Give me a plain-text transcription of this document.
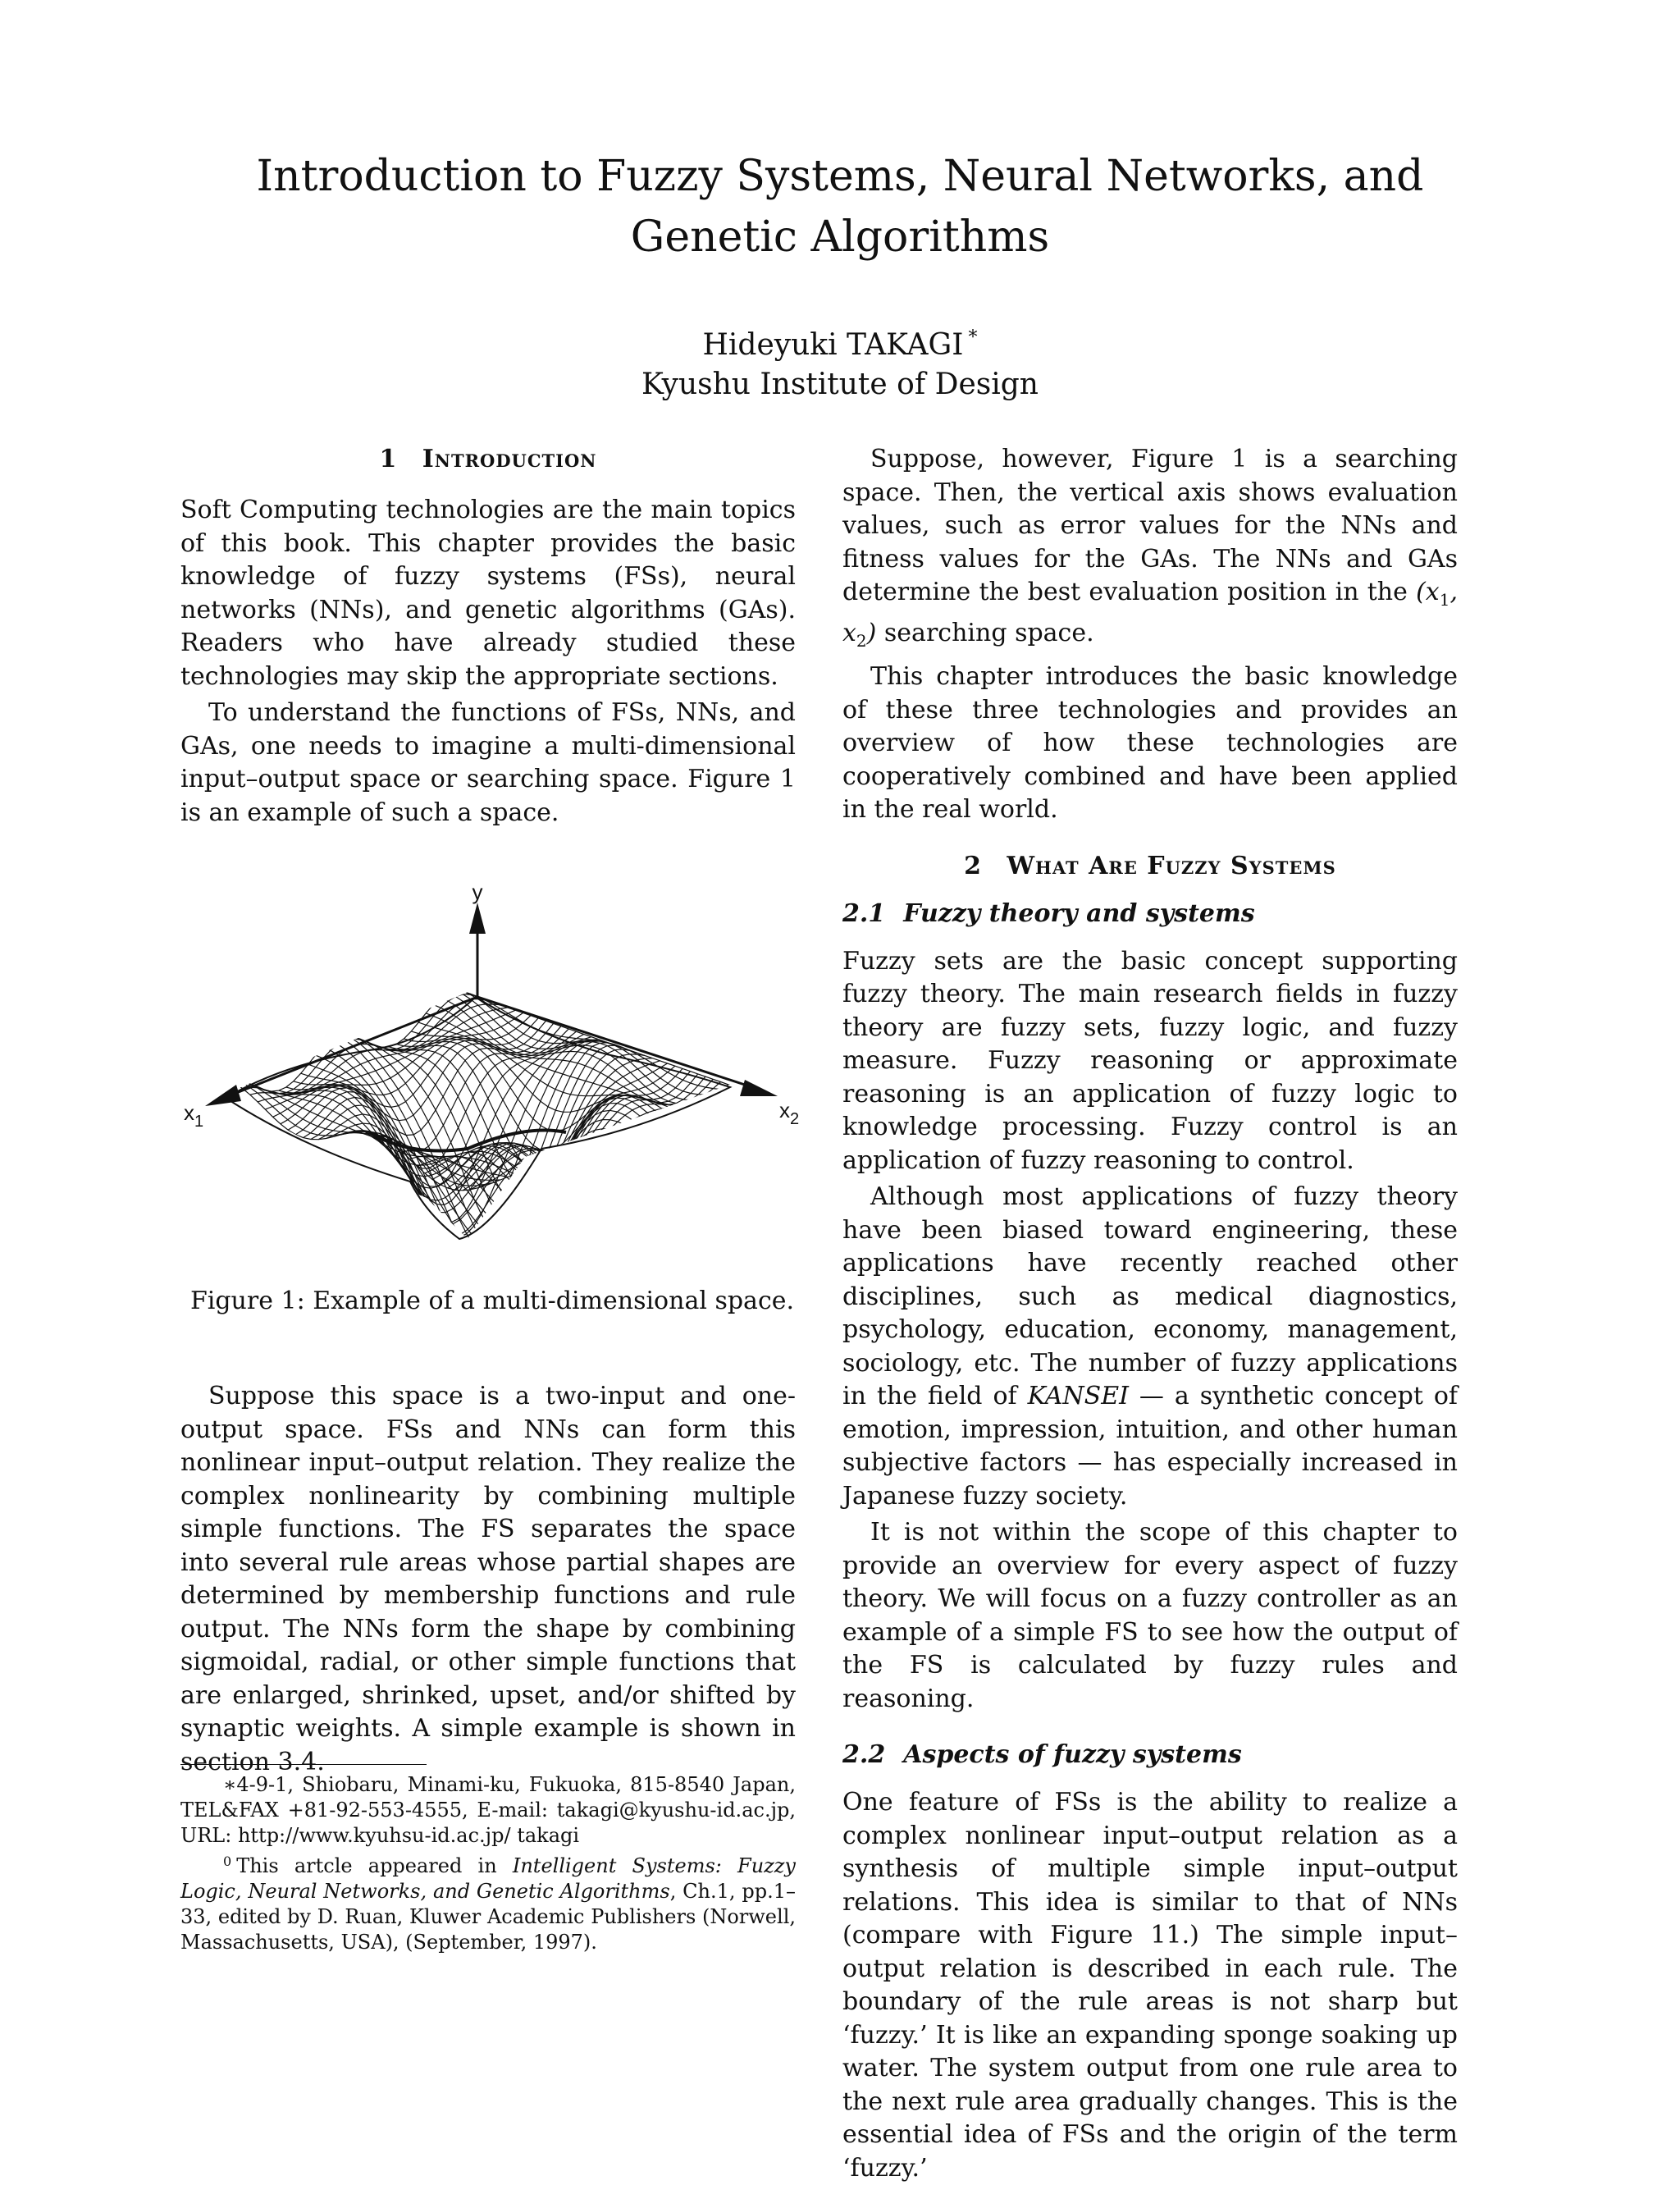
Introduction to Fuzzy Systems, Neural Networks, and Genetic Algorithms
Hideyuki TAKAGI *
Kyushu Institute of Design
1 Introduction

Soft Computing technologies are the main topics of this book. This chapter provides the basic knowledge of fuzzy systems (FSs), neural networks (NNs), and genetic algorithms (GAs). Readers who have already studied these technologies may skip the appropriate sections.

To understand the functions of FSs, NNs, and GAs, one needs to imagine a multi-dimensional input–output space or searching space. Figure 1 is an example of such a space.

y
$x_1$	$x_2$
Figure 1: Example of a multi-dimensional space.

Suppose this space is a two-input and one-output space. FSs and NNs can form this nonlinear input–output relation. They realize the complex nonlinearity by combining multiple simple functions. The FS separates the space into several rule areas whose partial shapes are determined by membership functions and rule output. The NNs form the shape by combining sigmoidal, radial, or other simple functions that are enlarged, shrinked, upset, and/or shifted by synaptic weights. A simple example is shown in section 3.4.

∗4-9-1, Shiobaru, Minami-ku, Fukuoka, 815-8540 Japan, TEL&FAX +81-92-553-4555, E-mail: takagi@kyushu-id.ac.jp, URL: http://www.kyuhsu-id.ac.jp/ takagi

$^0$ This artcle appeared in Intelligent Systems: Fuzzy Logic, Neural Networks, and Genetic Algorithms, Ch.1, pp.1–33, edited by D. Ruan, Kluwer Academic Publishers (Norwell, Massachusetts, USA), (September, 1997).

Suppose, however, Figure 1 is a searching space. Then, the vertical axis shows evaluation values, such as error values for the NNs and fitness values for the GAs. The NNs and GAs determine the best evaluation position in the ($x_1$, $x_2$) searching space.

This chapter introduces the basic knowledge of these three technologies and provides an overview of how these technologies are cooperatively combined and have been applied in the real world.

2 What Are Fuzzy Systems
2.1 Fuzzy theory and systems

Fuzzy sets are the basic concept supporting fuzzy theory. The main research fields in fuzzy theory are fuzzy sets, fuzzy logic, and fuzzy measure. Fuzzy reasoning or approximate reasoning is an application of fuzzy logic to knowledge processing. Fuzzy control is an application of fuzzy reasoning to control.

Although most applications of fuzzy theory have been biased toward engineering, these applications have recently reached other disciplines, such as medical diagnostics, psychology, education, economy, management, sociology, etc. The number of fuzzy applications in the field of KANSEI — a synthetic concept of emotion, impression, intuition, and other human subjective factors — has especially increased in Japanese fuzzy society.

It is not within the scope of this chapter to provide an overview for every aspect of fuzzy theory. We will focus on a fuzzy controller as an example of a simple FS to see how the output of the FS is calculated by fuzzy rules and reasoning.

2.2 Aspects of fuzzy systems

One feature of FSs is the ability to realize a complex nonlinear input–output relation as a synthesis of multiple simple input–output relations. This idea is similar to that of NNs (compare with Figure 11.) The simple input–output relation is described in each rule. The boundary of the rule areas is not sharp but ‘fuzzy.’ It is like an expanding sponge soaking up water. The system output from one rule area to the next rule area gradually changes. This is the essential idea of FSs and the origin of the term ‘fuzzy.’
